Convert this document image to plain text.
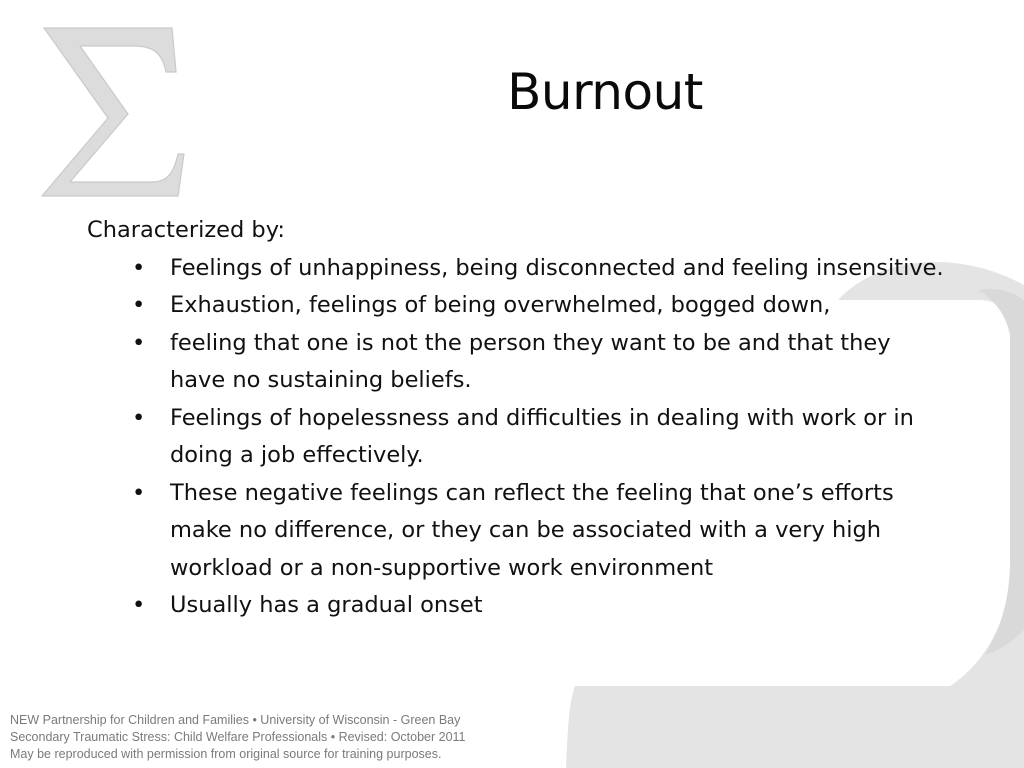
Burnout

Characterized by:

• Feelings of unhappiness, being disconnected and feeling insensitive.
• Exhaustion, feelings of being overwhelmed, bogged down,
• feeling that one is not the person they want to be and that they have no sustaining beliefs.
• Feelings of hopelessness and difficulties in dealing with work or in doing a job effectively.
• These negative feelings can reflect the feeling that one’s efforts make no difference, or they can be associated with a very high workload or a non-supportive work environment
• Usually has a gradual onset
NEW Partnership for Children and Families • University of Wisconsin - Green Bay
Secondary Traumatic Stress: Child Welfare Professionals • Revised: October 2011
May be reproduced with permission from original source for training purposes.
